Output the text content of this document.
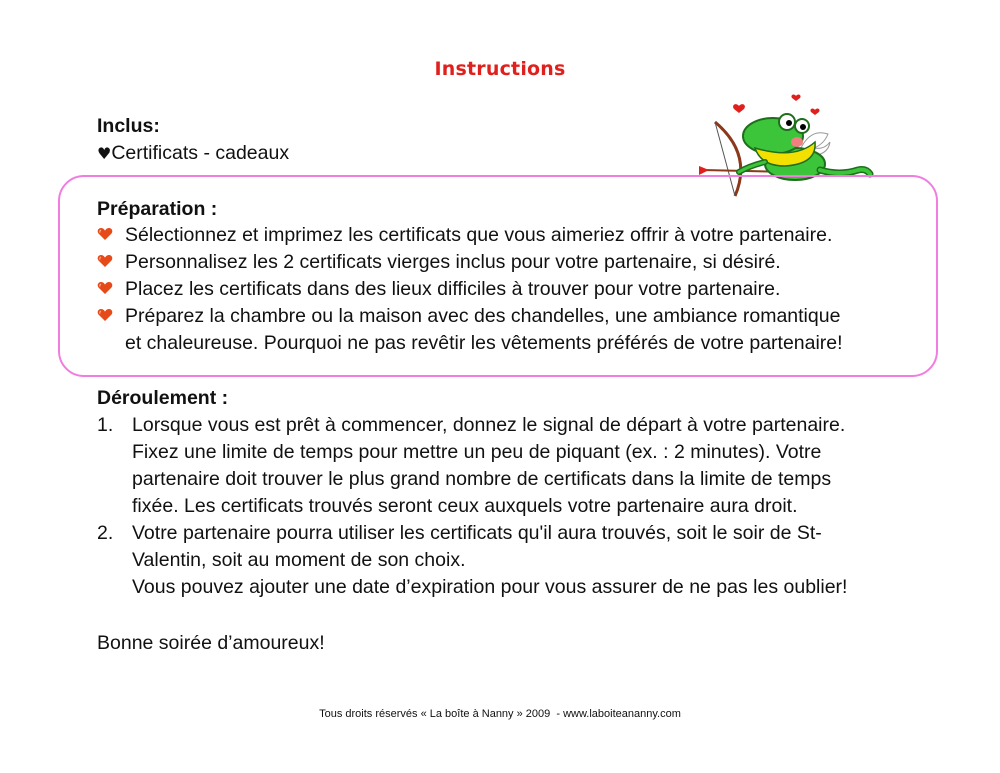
Instructions
Inclus:
♥Certificats - cadeaux
Préparation :
Sélectionnez et imprimez les certificats que vous aimeriez offrir à votre partenaire.
Personnalisez les 2 certificats vierges inclus pour votre partenaire, si désiré.
Placez les certificats dans des lieux difficiles à trouver pour votre partenaire.
Préparez la chambre ou la maison avec des chandelles, une ambiance romantique
et chaleureuse. Pourquoi ne pas revêtir les vêtements préférés de votre partenaire!
Déroulement :
1. Lorsque vous est prêt à commencer, donnez le signal de départ à votre partenaire.
Fixez une limite de temps pour mettre un peu de piquant (ex. : 2 minutes). Votre
partenaire doit trouver le plus grand nombre de certificats dans la limite de temps
fixée. Les certificats trouvés seront ceux auxquels votre partenaire aura droit.
2. Votre partenaire pourra utiliser les certificats qu'il aura trouvés, soit le soir de St-
Valentin, soit au moment de son choix.
Vous pouvez ajouter une date d’expiration pour vous assurer de ne pas les oublier!
Bonne soirée d’amoureux!
Tous droits réservés « La boîte à Nanny » 2009  - www.laboiteananny.com
